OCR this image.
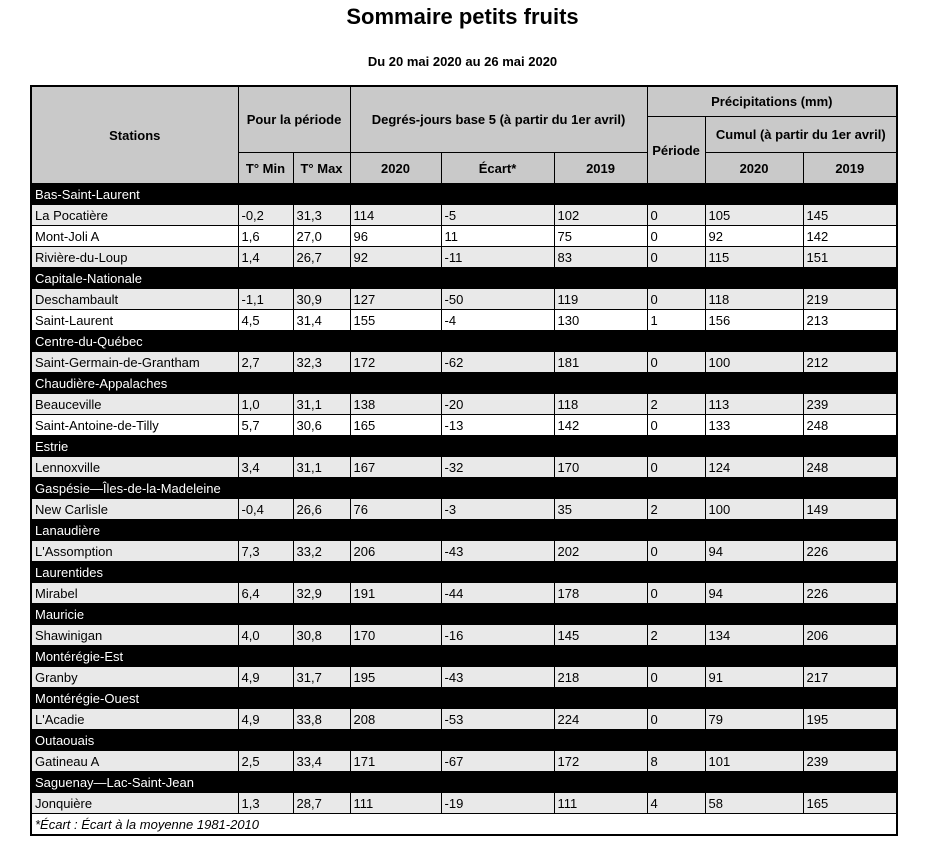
Sommaire petits fruits
Du 20 mai 2020 au 26 mai 2020
Stations	Pour la période		Degrés-jours base 5 (à partir du 1er avril)			Précipitations (mm)		
						Période	Cumul (à partir du 1er avril)	
	T° Min	T° Max	2020	Écart*	2019		2020	2019
Bas-Saint-Laurent								
La Pocatière	-0,2	31,3	114	-5	102	0	105	145
Mont-Joli A	1,6	27,0	96	11	75	0	92	142
Rivière-du-Loup	1,4	26,7	92	-11	83	0	115	151
Capitale-Nationale								
Deschambault	-1,1	30,9	127	-50	119	0	118	219
Saint-Laurent	4,5	31,4	155	-4	130	1	156	213
Centre-du-Québec								
Saint-Germain-de-Grantham	2,7	32,3	172	-62	181	0	100	212
Chaudière-Appalaches								
Beauceville	1,0	31,1	138	-20	118	2	113	239
Saint-Antoine-de-Tilly	5,7	30,6	165	-13	142	0	133	248
Estrie								
Lennoxville	3,4	31,1	167	-32	170	0	124	248
Gaspésie—Îles-de-la-Madeleine								
New Carlisle	-0,4	26,6	76	-3	35	2	100	149
Lanaudière								
L'Assomption	7,3	33,2	206	-43	202	0	94	226
Laurentides								
Mirabel	6,4	32,9	191	-44	178	0	94	226
Mauricie								
Shawinigan	4,0	30,8	170	-16	145	2	134	206
Montérégie-Est								
Granby	4,9	31,7	195	-43	218	0	91	217
Montérégie-Ouest								
L'Acadie	4,9	33,8	208	-53	224	0	79	195
Outaouais								
Gatineau A	2,5	33,4	171	-67	172	8	101	239
Saguenay—Lac-Saint-Jean								
Jonquière	1,3	28,7	111	-19	111	4	58	165
*Écart : Écart à la moyenne 1981-2010								
